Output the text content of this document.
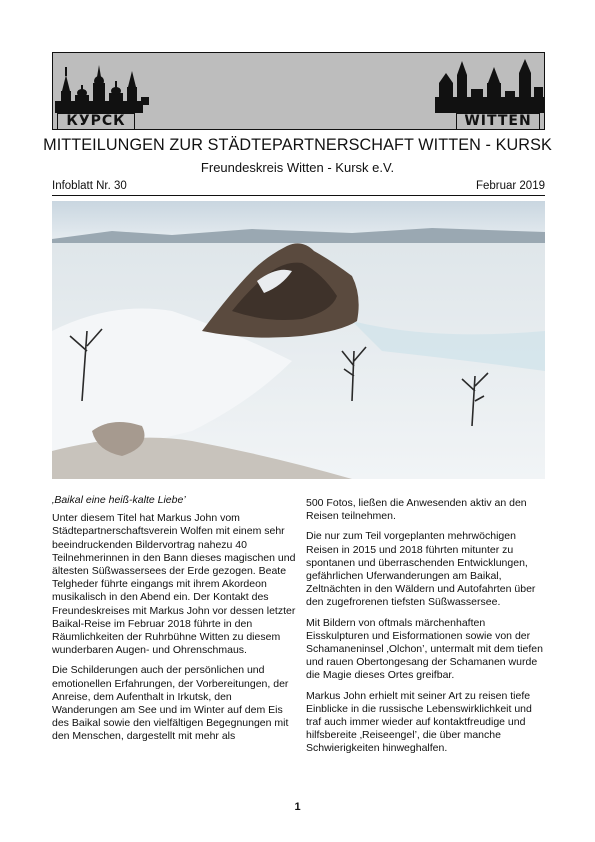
КУРСК	WITTEN
MITTEILUNGEN ZUR STÄDTEPARTNERSCHAFT WITTEN - KURSK

Freundeskreis Witten - Kursk e.V.

Infoblatt Nr. 30	Februar 2019

‚Baikal eine heiß-kalte Liebe’

Unter diesem Titel hat Markus John vom Städtepartnerschaftsverein Wolfen mit einem sehr beeindruckenden Bildervortrag nahezu 40 Teilnehmerinnen in den Bann dieses magischen und ältesten Süßwassersees der Erde gezogen. Beate Telgheder führte eingangs mit ihrem Akordeon musikalisch in den Abend ein. Der Kontakt des Freundeskreises mit Markus John vor dessen letzter Baikal-Reise im Februar 2018 führte in den Räumlichkeiten der Ruhrbühne Witten zu diesem wunderbaren Augen- und Ohrenschmaus.

Die Schilderungen auch der persönlichen und emotionellen Erfahrungen, der Vorbereitungen, der Anreise, dem Aufenthalt in Irkutsk, den Wanderungen am See und im Winter auf dem Eis des Baikal sowie den vielfältigen Begegnungen mit den Menschen, dargestellt mit mehr als

500 Fotos, ließen die Anwesenden aktiv an den Reisen teilnehmen.

Die nur zum Teil vorgeplanten mehrwöchigen Reisen in 2015 und 2018 führten mitunter zu spontanen und überraschenden Entwicklungen, gefährlichen Uferwanderungen am Baikal, Zeltnächten in den Wäldern und Autofahrten über den zugefrorenen tiefsten Süßwassersee.

Mit Bildern von oftmals märchenhaften Eisskulpturen und Eisformationen sowie von der Schamaneninsel ‚Olchon’, untermalt mit dem tiefen und rauen Obertongesang der Schamanen wurde die Magie dieses Ortes greifbar.

Markus John erhielt mit seiner Art zu reisen tiefe Einblicke in die russische Lebenswirklichkeit und traf auch immer wieder auf kontaktfreudige und hilfsbereite ‚Reiseengel’, die über manche Schwierigkeiten hinweghalfen.

1
